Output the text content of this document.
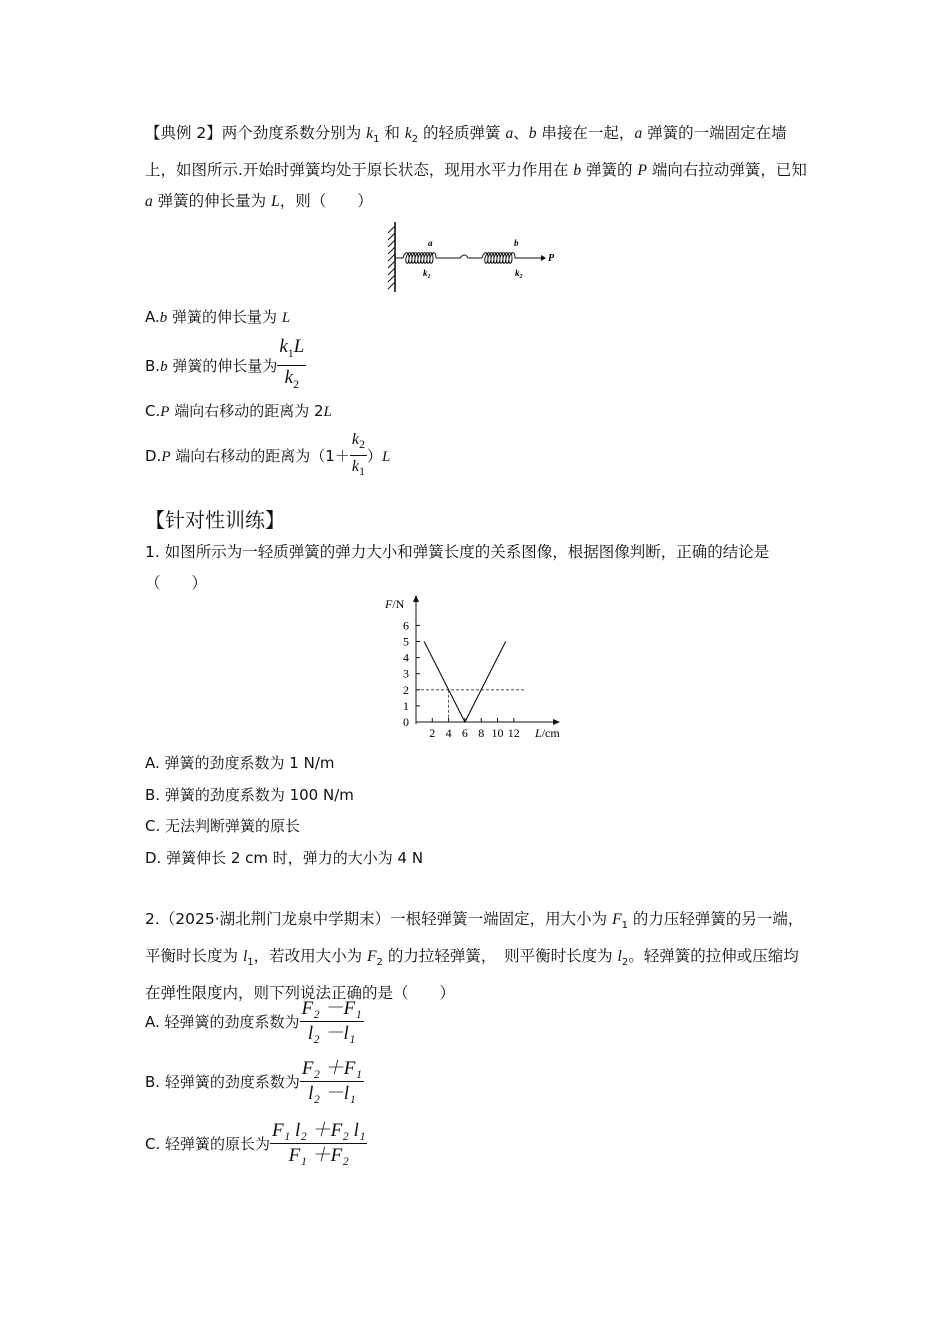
【典例 2】两个劲度系数分别为 $k_1$ 和 $k_2$ 的轻质弹簧 a、b 串接在一起，a 弹簧的一端固定在墙上，如图所示.开始时弹簧均处于原长状态，现用水平力作用在 b 弹簧的 P 端向右拉动弹簧，已知 a 弹簧的伸长量为 L，则（　　）
a	b
$k_1$	$k_2$
P
A.b 弹簧的伸长量为 L
B.b 弹簧的伸长量为 $\frac{k_1L}{k_2}$
C.P 端向右移动的距离为 2L
D.P 端向右移动的距离为$(1+ \frac{k_2}{k_1} )L$
【针对性训练】
1. 如图所示为一轻质弹簧的弹力大小和弹簧长度的关系图像，根据图像判断，正确的结论是（　　）
F/N
L/cm
0
1
2
3
4
5
6
2 4 6 8 10 12
A. 弹簧的劲度系数为 1 N/m
B. 弹簧的劲度系数为 100 N/m
C. 无法判断弹簧的原长
D. 弹簧伸长 2 cm 时，弹力的大小为 4 N
2.（2025·湖北荆门龙泉中学期末）一根轻弹簧一端固定，用大小为 $F_1$ 的力压轻弹簧的另一端，平衡时长度为 $l_1$，若改用大小为 $F_2$ 的力拉轻弹簧，　则平衡时长度为 $l_2$。轻弹簧的拉伸或压缩均在弹性限度内，则下列说法正确的是（　　）
A. 轻弹簧的劲度系数为 $\frac{\text{F₂ －F₁}}{\text{l₂ －l₁}}$
B. 轻弹簧的劲度系数为 $\frac{\text{F₂ ＋F₁}}{\text{l₂ －l₁}}$
C. 轻弹簧的原长为 $\frac{\text{F₁ l₂ ＋F₂ l₁}}{\text{F₁ ＋F₂}}$
